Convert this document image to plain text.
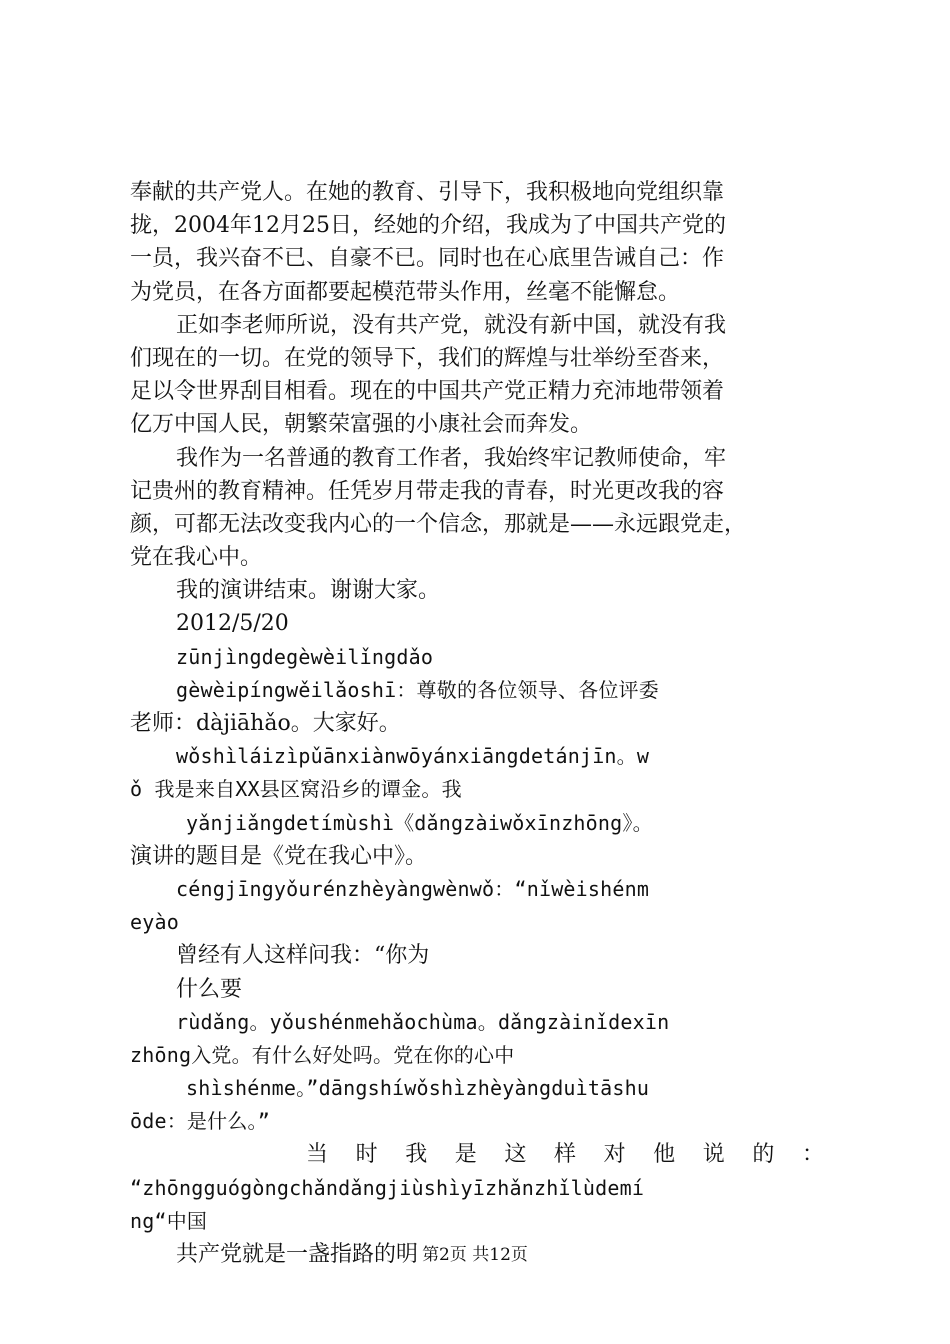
奉献的共产党人。在她的教育、引导下，我积极地向党组织靠
拢，2004年12月25日，经她的介绍，我成为了中国共产党的
一员，我兴奋不已、自豪不已。同时也在心底里告诫自己：作
为党员，在各方面都要起模范带头作用，丝毫不能懈怠。
正如李老师所说，没有共产党，就没有新中国，就没有我
们现在的一切。在党的领导下，我们的辉煌与壮举纷至沓来，
足以令世界刮目相看。现在的中国共产党正精力充沛地带领着
亿万中国人民，朝繁荣富强的小康社会而奔发。
我作为一名普通的教育工作者，我始终牢记教师使命，牢
记贵州的教育精神。任凭岁月带走我的青春，时光更改我的容
颜，可都无法改变我内心的一个信念，那就是——永远跟党走，
党在我心中。
我的演讲结束。谢谢大家。
2012/5/20
zūnjìngdegèwèilǐngdǎo
gèwèipíngwěilǎoshī：尊敬的各位领导、各位评委
老师：dàjiāhǎo。大家好。
wǒshìláizìpǔānxiànwōyánxiāngdetánjīn。w
ǒ 我是来自XX县区窝沿乡的谭金。我
yǎnjiǎngdetímùshì《dǎngzàiwǒxīnzhōng》。
演讲的题目是《党在我心中》。
céngjīngyǒurénzhèyàngwènwǒ：“nǐwèishénm
eyào
曾经有人这样问我：“你为
什么要
rùdǎng。yǒushénmehǎochùma。dǎngzàinǐdexīn
zhōng入党。有什么好处吗。党在你的心中
shìshénme。”dāngshíwǒshìzhèyàngduìtāshu
ōde：是什么。”
当 时 我 是 这 样 对 他 说 的 ：
“zhōngguógòngchǎndǎngjiùshìyīzhǎnzhǐlùdemí
ng“中国
共产党就是一盏指路的明 第2页 共12页
